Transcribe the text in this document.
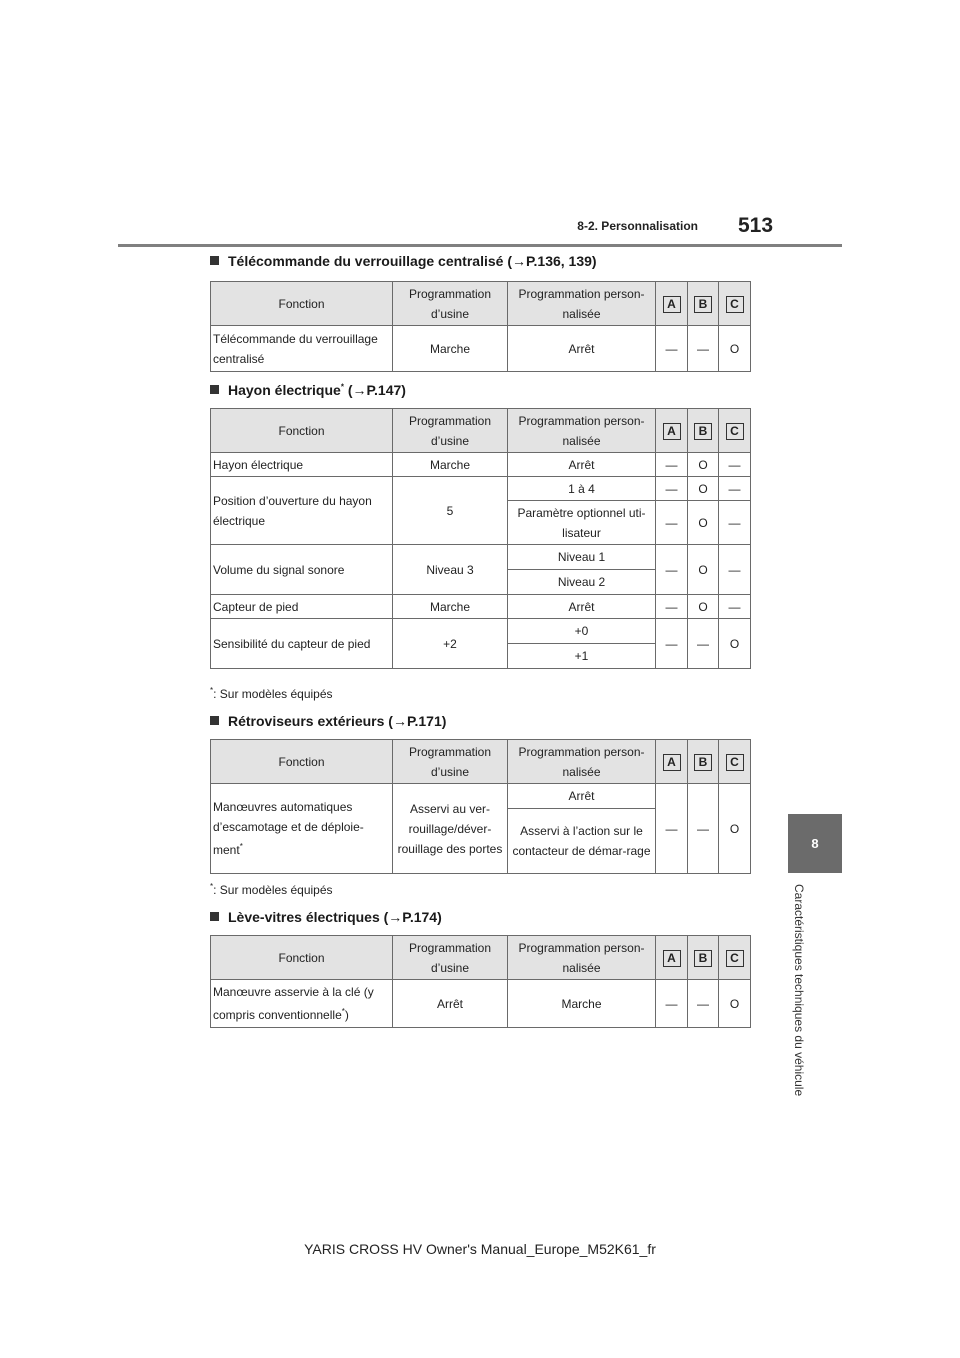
8-2. Personnalisation 513
8
Caractéristiques techniques du véhicule
Télécommande du verrouillage centralisé (→P.136, 139)
Fonction	Programmation d’usine	Programmation person-nalisée	A	B	C
Télécommande du verrouillage centralisé	Marche	Arrêt	—	—	O
Hayon électrique* (→P.147)
Fonction	Programmation d’usine	Programmation person-nalisée	A	B	C
Hayon électrique	Marche	Arrêt	—	O	—
Position d’ouverture du hayon électrique	5	1 à 4	—	O	—
		Paramètre optionnel uti-lisateur	—	O	—
Volume du signal sonore	Niveau 3	Niveau 1	—	O	—
		Niveau 2			
Capteur de pied	Marche	Arrêt	—	O	—
Sensibilité du capteur de pied	+2	+0	—	—	O
		+1			
*: Sur modèles équipés
Rétroviseurs extérieurs (→P.171)
Fonction	Programmation d’usine	Programmation person-nalisée	A	B	C
Manœuvres automatiques d’escamotage et de déploie-ment*	Asservi au ver-rouillage/déver-rouillage des portes	Arrêt	—	—	O
		Asservi à l’action sur le contacteur de démar-rage			
*: Sur modèles équipés
Lève-vitres électriques (→P.174)
Fonction	Programmation d’usine	Programmation person-nalisée	A	B	C
Manœuvre asservie à la clé (y compris conventionnelle*)	Arrêt	Marche	—	—	O
YARIS CROSS HV Owner's Manual_Europe_M52K61_fr
